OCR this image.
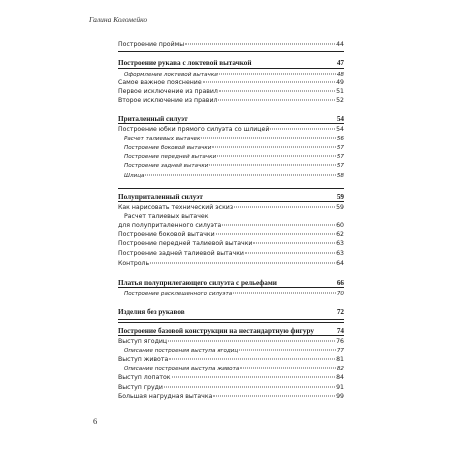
Галина Коломейко
Построение проймы	44
Построение рукава с локтевой вытачкой	47
Оформление локтевой вытачки	48
Самое важное пояснение	49
Первое исключение из правил	51
Второе исключение из правил	52
Приталенный силуэт	54
Построение юбки прямого силуэта со шлицей	54
Расчет талиевых вытачек	56
Построение боковой вытачки	57
Построение передней вытачки	57
Построение задней вытачки	57
Шлица	58
Полуприталенный силуэт	59
Как нарисовать технический эскиз	59
Расчет талиевых вытачек
для полуприталенного силуэта	60
Построение боковой вытачки	62
Построение передней талиевой вытачки	63
Построение задней талиевой вытачки	63
Контроль	64
Платья полуприлегающего силуэта с рельефами	66
Построение расклешенного силуэта	70
Изделия без рукавов	72
Построение базовой конструкции на нестандартную фигуру	74
Выступ ягодиц	76
Описание построения выступа ягодиц	77
Выступ живота	81
Описание построения выступа живота	82
Выступ лопаток	84
Выступ груди	91
Большая нагрудная вытачка	99
6
